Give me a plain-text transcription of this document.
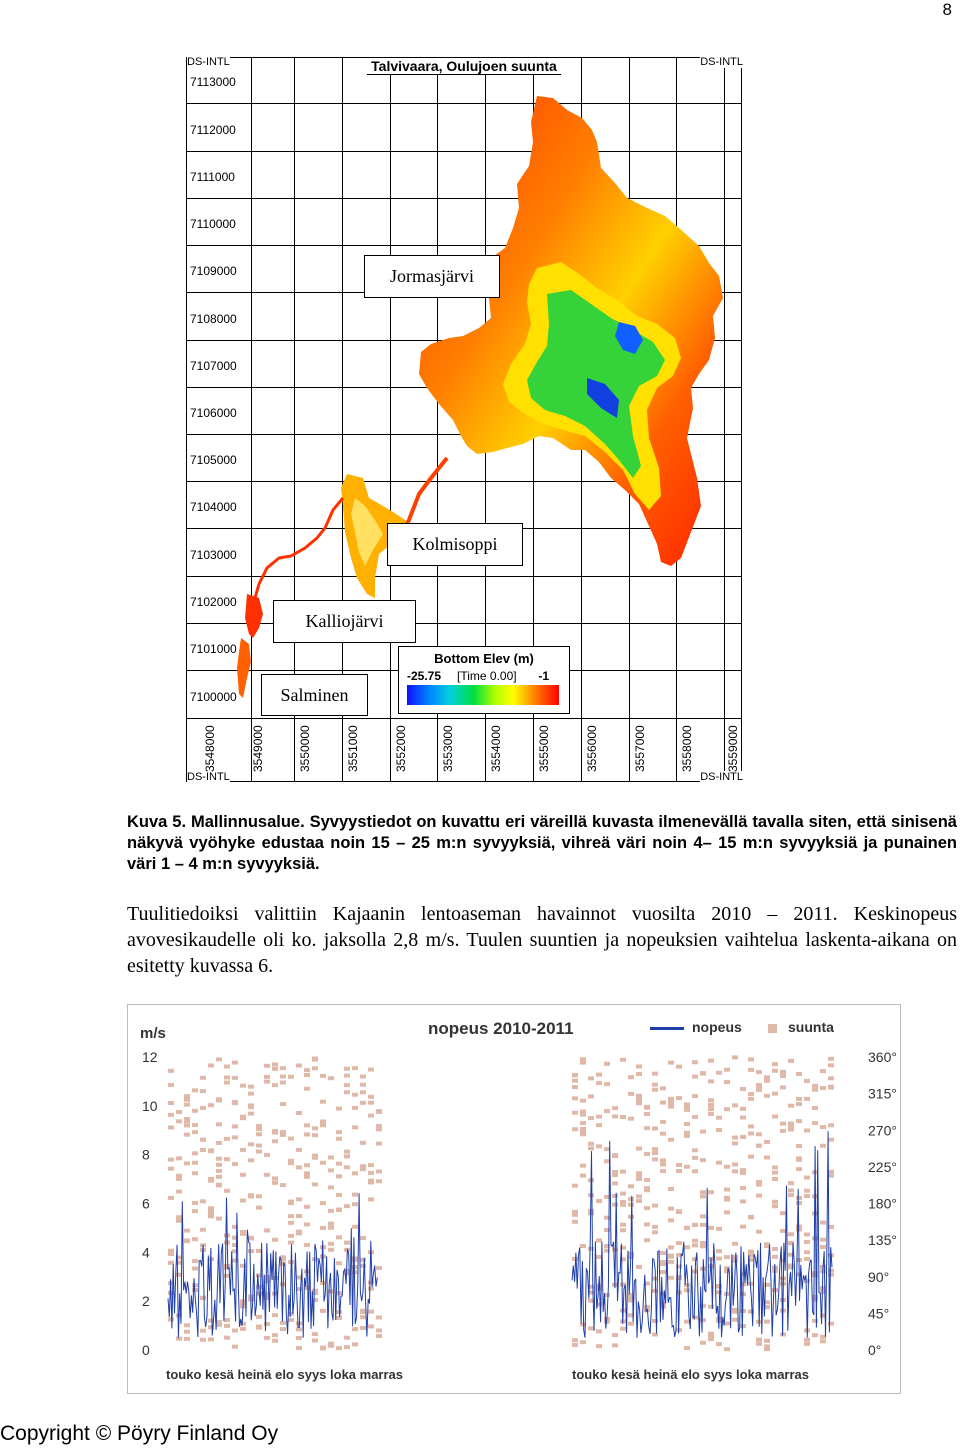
8
DS-INTL	DS-INTL
DS-INTL	DS-INTL
Talvivaara, Oulujoen suunta
7113000
7112000
7111000
7110000
7109000
7108000
7107000
7106000
7105000
7104000
7103000
7102000
7101000
7100000
3548000	3549000	3550000	3551000	3552000	3553000	3554000	3555000	3556000	3557000	3558000	3559000
Jormasjärvi
Kolmisoppi
Kalliojärvi
Salminen
Bottom Elev (m)
-25.75 [Time 0.00] -1
Kuva 5. Mallinnusalue. Syvyystiedot on kuvattu eri väreillä kuvasta ilmenevällä tavalla siten, että sinisenä näkyvä vyöhyke edustaa noin 15 – 25 m:n syvyyksiä, vihreä väri noin 4– 15 m:n syvyyksiä ja punainen väri 1 – 4 m:n syvyyksiä.
Tuulitiedoiksi valittiin Kajaanin lentoaseman havainnot vuosilta 2010 – 2011. Keskinopeus avovesikaudelle oli ko. jaksolla 2,8 m/s. Tuulen suuntien ja nopeuksien vaihtelua laskenta-aikana on esitetty kuvassa 6.
0
2
4
6
8
10
12
0°
45°
90°
135°
180°
225°
270°
315°
360°
m/s	nopeus 2010-2011	nopeus	suunta
touko kesä heinä elo syys loka marras	touko kesä heinä elo syys loka marras
Copyright © Pöyry Finland Oy
